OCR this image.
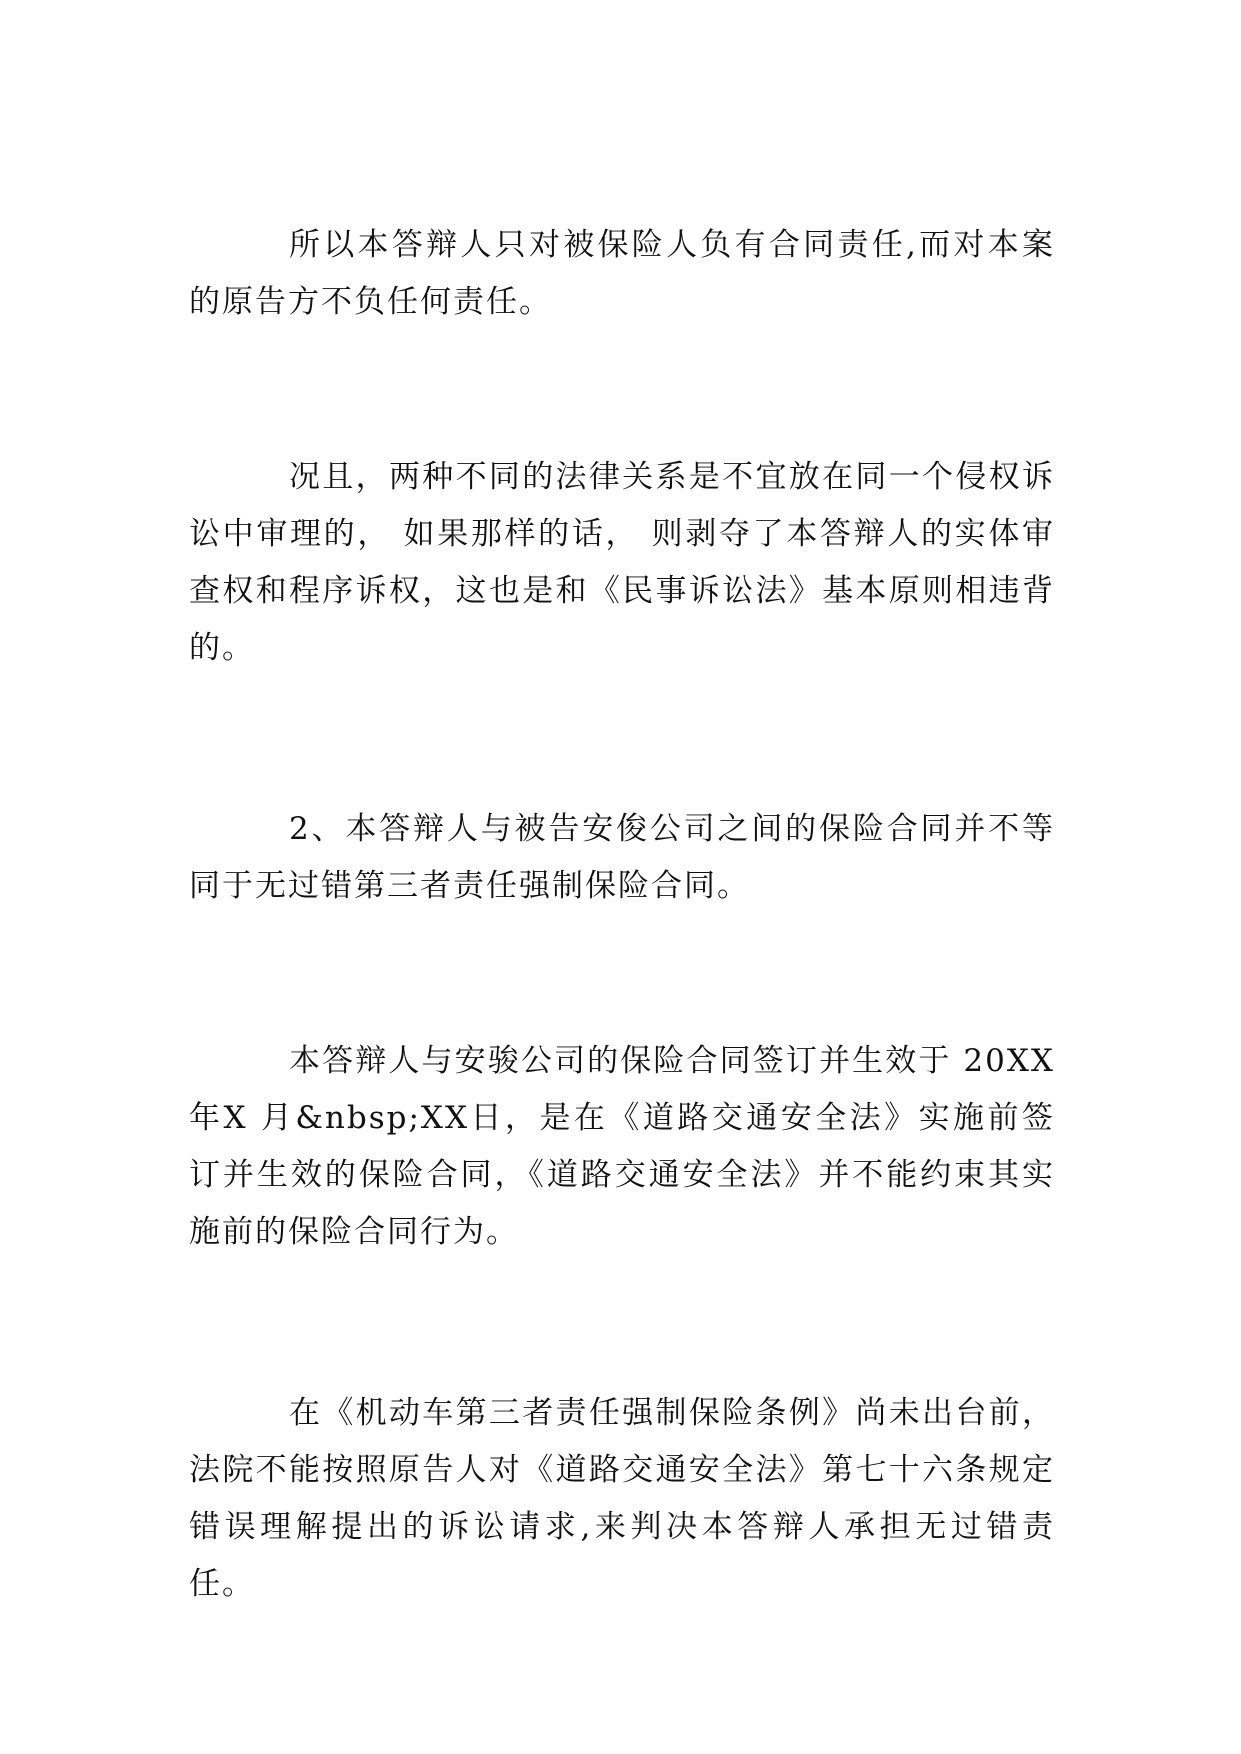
所以本答辩人只对被保险人负有合同责任,而对本案的原告方不负任何责任。

况且，两种不同的法律关系是不宜放在同一个侵权诉讼中审理的， 如果那样的话， 则剥夺了本答辩人的实体审查权和程序诉权，这也是和《民事诉讼法》基本原则相违背的。

2、本答辩人与被告安俊公司之间的保险合同并不等同于无过错第三者责任强制保险合同。

本答辩人与安骏公司的保险合同签订并生效于 20XX年X 月&nbsp;XX日，是在《道路交通安全法》实施前签订并生效的保险合同，《道路交通安全法》并不能约束其实施前的保险合同行为。

在《机动车第三者责任强制保险条例》尚未出台前，法院不能按照原告人对《道路交通安全法》第七十六条规定错误理解提出的诉讼请求,来判决本答辩人承担无过错责任。
